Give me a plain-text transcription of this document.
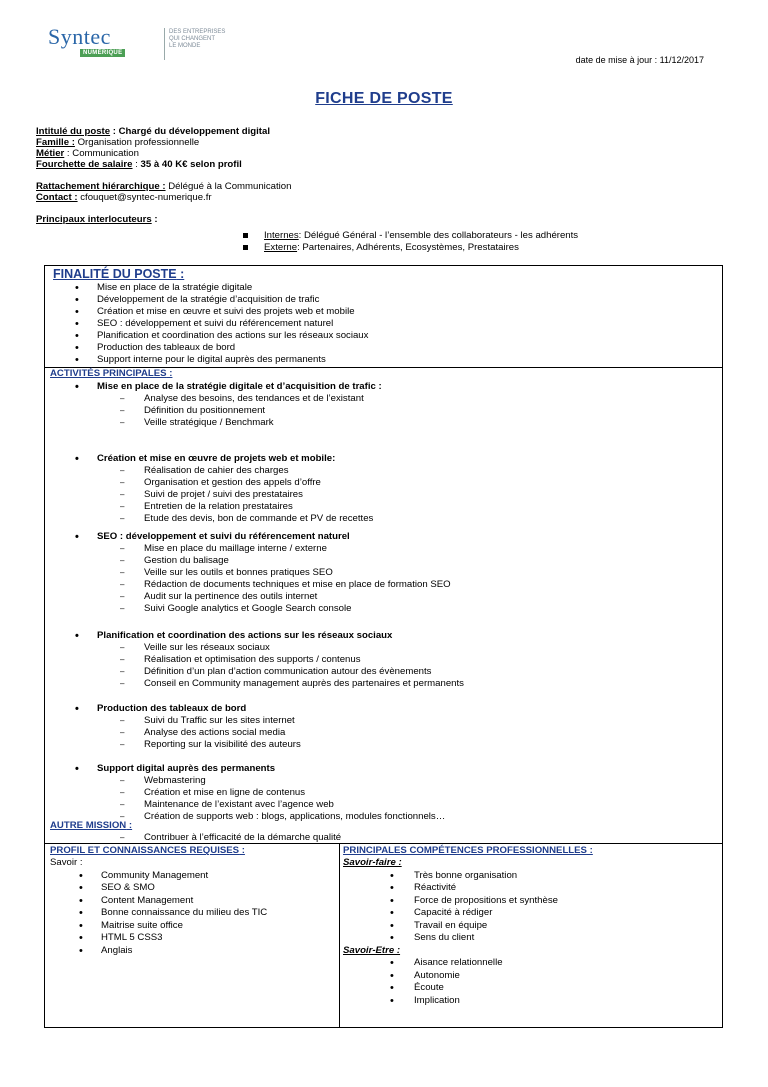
Syntec
NUMÉRIQUE
DES ENTREPRISES
QUI CHANGENT
LE MONDE
date de mise à jour : 11/12/2017
FICHE DE POSTE

Intitulé du poste : Chargé du développement digital

Famille : Organisation professionnelle

Métier : Communication

Fourchette de salaire : 35 à 40 K€ selon profil

Rattachement hiérarchique : Délégué à la Communication

Contact : cfouquet@syntec-numerique.fr

Principaux interlocuteurs :

Internes : Délégué Général - l’ensemble des collaborateurs - les adhérents
Externe : Partenaires, Adhérents, Ecosystèmes, Prestataires
FINALITÉ DU POSTE :
• Mise en place de la stratégie digitale
• Développement de la stratégie d’acquisition de trafic
• Création et mise en œuvre et suivi des projets web et mobile
• SEO : développement et suivi du référencement naturel
• Planification et coordination des actions sur les réseaux sociaux
• Production des tableaux de bord
• Support interne pour le digital auprès des permanents
ACTIVITÉS PRINCIPALES :
• Mise en place de la stratégie digitale et d’acquisition de trafic :
– Analyse des besoins, des tendances et de l’existant
– Définition du positionnement
– Veille stratégique / Benchmark
• Création et mise en œuvre de projets web et mobile:
– Réalisation de cahier des charges
– Organisation et gestion des appels d’offre
– Suivi de projet / suivi des prestataires
– Entretien de la relation prestataires
– Etude des devis, bon de commande et PV de recettes
• SEO : développement et suivi du référencement naturel
– Mise en place du maillage interne / externe
– Gestion du balisage
– Veille sur les outils et bonnes pratiques SEO
– Rédaction de documents techniques et mise en place de formation SEO
– Audit sur la pertinence des outils internet
– Suivi Google analytics et Google Search console
• Planification et coordination des actions sur les réseaux sociaux
– Veille sur les réseaux sociaux
– Réalisation et optimisation des supports / contenus
– Définition d’un plan d’action communication autour des évènements
– Conseil en Community management auprès des partenaires et permanents
• Production des tableaux de bord
– Suivi du Traffic sur les sites internet
– Analyse des actions social media
– Reporting sur la visibilité des auteurs
• Support digital auprès des permanents
– Webmastering
– Création et mise en ligne de contenus
– Maintenance de l’existant avec l’agence web
– Création de supports web : blogs, applications, modules fonctionnels…
AUTRE MISSION :
– Contribuer à l’efficacité de la démarche qualité
PROFIL ET CONNAISSANCES REQUISES :
Savoir :
• Community Management
• SEO & SMO
• Content Management
• Bonne connaissance du milieu des TIC
• Maitrise suite office
• HTML 5 CSS3
• Anglais
PRINCIPALES COMPÉTENCES PROFESSIONNELLES :
Savoir-faire :
• Très bonne organisation
• Réactivité
• Force de propositions et synthèse
• Capacité à rédiger
• Travail en équipe
• Sens du client
Savoir-Etre :
• Aisance relationnelle
• Autonomie
• Écoute
• Implication
